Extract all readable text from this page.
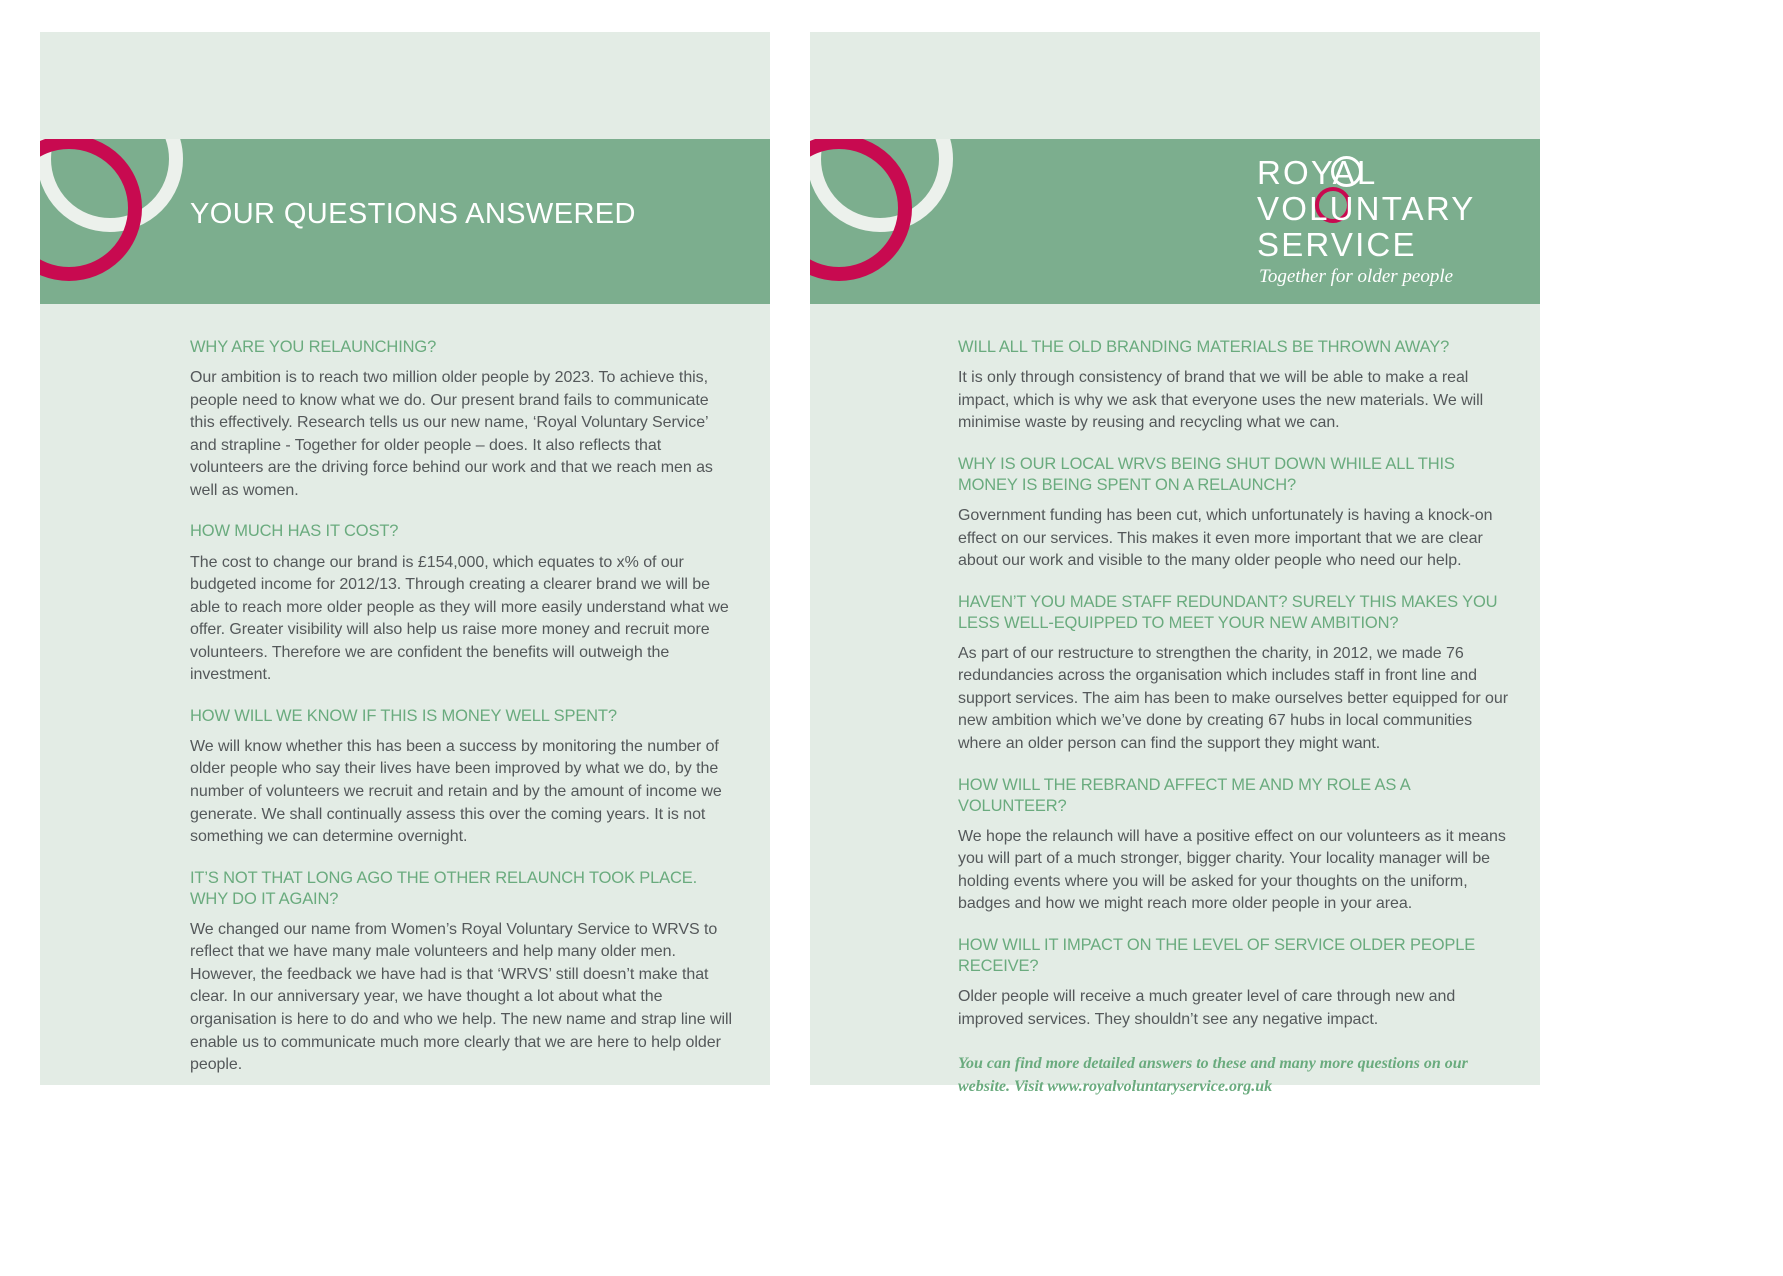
YOUR QUESTIONS ANSWERED

WHY ARE YOU RELAUNCHING?

Our ambition is to reach two million older people by 2023. To achieve this, people need to know what we do. Our present brand fails to communicate this effectively. Research tells us our new name, ‘Royal Voluntary Service’ and strapline - Together for older people – does. It also reflects that volunteers are the driving force behind our work and that we reach men as well as women.

HOW MUCH HAS IT COST?

The cost to change our brand is £154,000, which equates to x% of our budgeted income for 2012/13. Through creating a clearer brand we will be able to reach more older people as they will more easily understand what we offer. Greater visibility will also help us raise more money and recruit more volunteers. Therefore we are confident the benefits will outweigh the investment.

HOW WILL WE KNOW IF THIS IS MONEY WELL SPENT?

We will know whether this has been a success by monitoring the number of older people who say their lives have been improved by what we do, by the number of volunteers we recruit and retain and by the amount of income we generate. We shall continually assess this over the coming years. It is not something we can determine overnight.

IT’S NOT THAT LONG AGO THE OTHER RELAUNCH TOOK PLACE. WHY DO IT AGAIN?

We changed our name from Women’s Royal Voluntary Service to WRVS to reflect that we have many male volunteers and help many older men. However, the feedback we have had is that ‘WRVS’ still doesn’t make that clear. In our anniversary year, we have thought a lot about what the organisation is here to do and who we help. The new name and strap line will enable us to communicate much more clearly that we are here to help older people.

ROYAL
VOLUNTARY
SERVICE
Together for older people

WILL ALL THE OLD BRANDING MATERIALS BE THROWN AWAY?

It is only through consistency of brand that we will be able to make a real impact, which is why we ask that everyone uses the new materials. We will minimise waste by reusing and recycling what we can.

WHY IS OUR LOCAL WRVS BEING SHUT DOWN WHILE ALL THIS MONEY IS BEING SPENT ON A RELAUNCH?

Government funding has been cut, which unfortunately is having a knock-on effect on our services. This makes it even more important that we are clear about our work and visible to the many older people who need our help.

HAVEN’T YOU MADE STAFF REDUNDANT? SURELY THIS MAKES YOU LESS WELL-EQUIPPED TO MEET YOUR NEW AMBITION?

As part of our restructure to strengthen the charity, in 2012, we made 76 redundancies across the organisation which includes staff in front line and support services. The aim has been to make ourselves better equipped for our new ambition which we’ve done by creating 67 hubs in local communities where an older person can find the support they might want.

HOW WILL THE REBRAND AFFECT ME AND MY ROLE AS A VOLUNTEER?

We hope the relaunch will have a positive effect on our volunteers as it means you will part of a much stronger, bigger charity. Your locality manager will be holding events where you will be asked for your thoughts on the uniform, badges and how we might reach more older people in your area.

HOW WILL IT IMPACT ON THE LEVEL OF SERVICE OLDER PEOPLE RECEIVE?

Older people will receive a much greater level of care through new and improved services. They shouldn’t see any negative impact.

You can find more detailed answers to these and many more questions on our website. Visit www.royalvoluntaryservice.org.uk
